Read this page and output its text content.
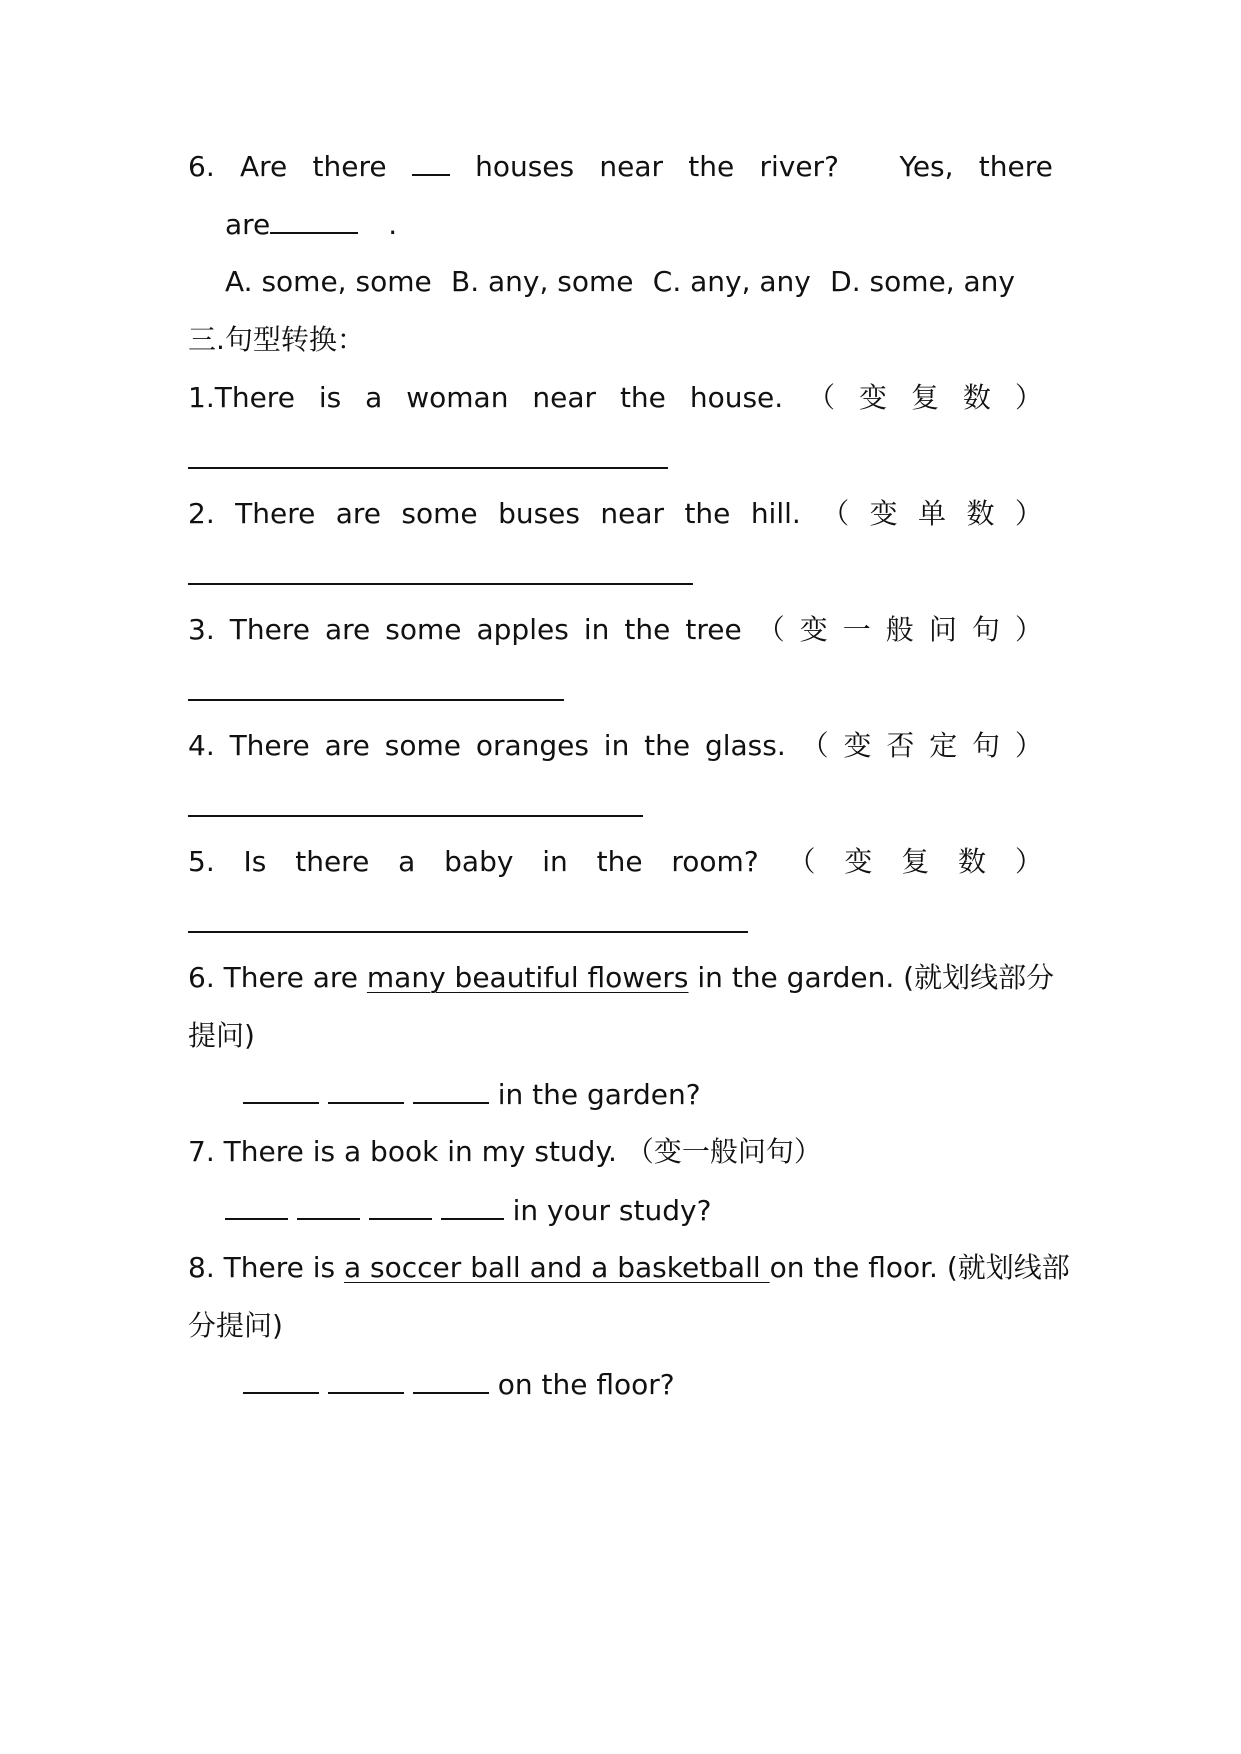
6. Are there	houses near the river? Yes, there
are	.
A. some, some B. any, some C. any, any D. some, any
三.句型转换：
1.There is a woman near the house. （ 变 复 数 ）
2. There are some buses near the hill. （ 变 单 数 ）
3. There are some apples in the tree （ 变 一 般 问 句 ）
4. There are some oranges in the glass. （ 变 否 定 句 ）
5. Is there a baby in the room? （ 变 复 数 ）
6. There are many beautiful flowers in the garden. (就划线部分
提问)
in the garden?
7. There is a book in my study. （变一般问句）
in your study?
8. There is a soccer ball and a basketball on the floor. (就划线部
分提问)
on the floor?
